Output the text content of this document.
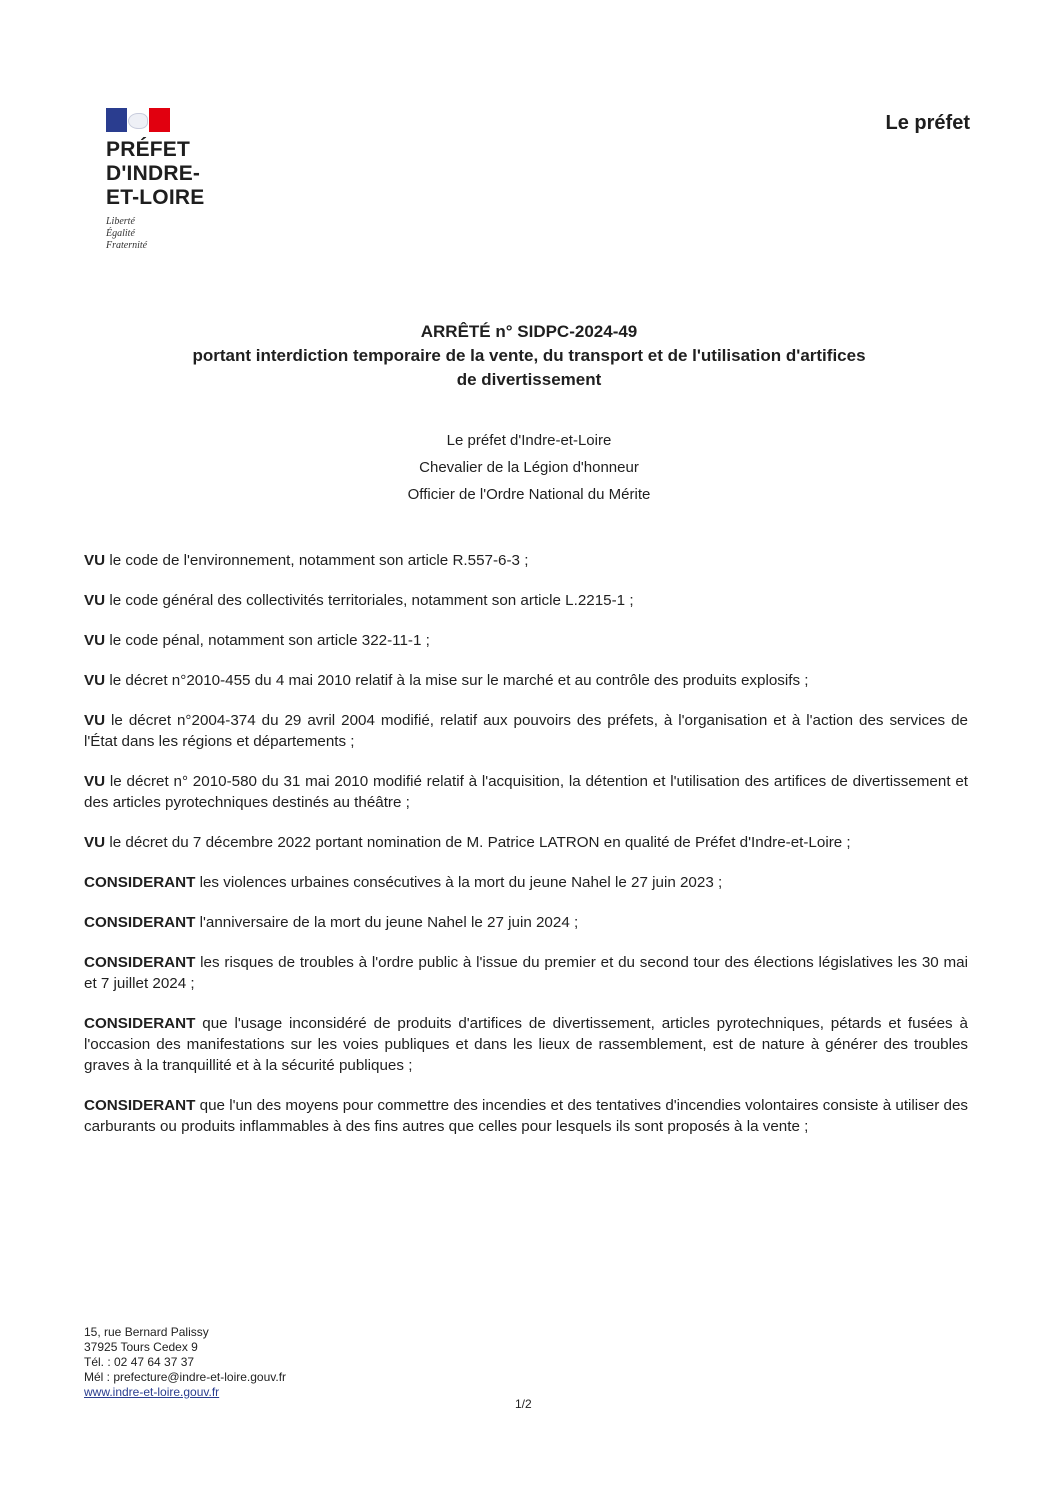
PRÉFET
D'INDRE-
ET-LOIRE
Liberté
Égalité
Fraternité
Le préfet
ARRÊTÉ n° SIDPC-2024-49
portant interdiction temporaire de la vente, du transport et de l'utilisation d'artifices
de divertissement
Le préfet d'Indre-et-Loire
Chevalier de la Légion d'honneur
Officier de l'Ordre National du Mérite

VU le code de l'environnement, notamment son article R.557-6-3 ;

VU le code général des collectivités territoriales, notamment son article L.2215-1 ;

VU le code pénal, notamment son article 322-11-1 ;

VU le décret n°2010-455 du 4 mai 2010 relatif à la mise sur le marché et au contrôle des produits explosifs ;

VU le décret n°2004-374 du 29 avril 2004 modifié, relatif aux pouvoirs des préfets, à l'organisation et à l'action des services de l'État dans les régions et départements ;

VU le décret n° 2010-580 du 31 mai 2010 modifié relatif à l'acquisition, la détention et l'utilisation des artifices de divertissement et des articles pyrotechniques destinés au théâtre ;

VU le décret du 7 décembre 2022 portant nomination de M. Patrice LATRON en qualité de Préfet d'Indre-et-Loire ;

CONSIDERANT les violences urbaines consécutives à la mort du jeune Nahel le 27 juin 2023 ;

CONSIDERANT l'anniversaire de la mort du jeune Nahel le 27 juin 2024 ;

CONSIDERANT les risques de troubles à l'ordre public à l'issue du premier et du second tour des élections législatives les 30 mai et 7 juillet 2024 ;

CONSIDERANT que l'usage inconsidéré de produits d'artifices de divertissement, articles pyrotechniques, pétards et fusées à l'occasion des manifestations sur les voies publiques et dans les lieux de rassemblement, est de nature à générer des troubles graves à la tranquillité et à la sécurité publiques ;

CONSIDERANT que l'un des moyens pour commettre des incendies et des tentatives d'incendies volontaires consiste à utiliser des carburants ou produits inflammables à des fins autres que celles pour lesquels ils sont proposés à la vente ;

15, rue Bernard Palissy
37925 Tours Cedex 9
Tél. : 02 47 64 37 37
Mél : prefecture@indre-et-loire.gouv.fr
www.indre-et-loire.gouv.fr
1/2
